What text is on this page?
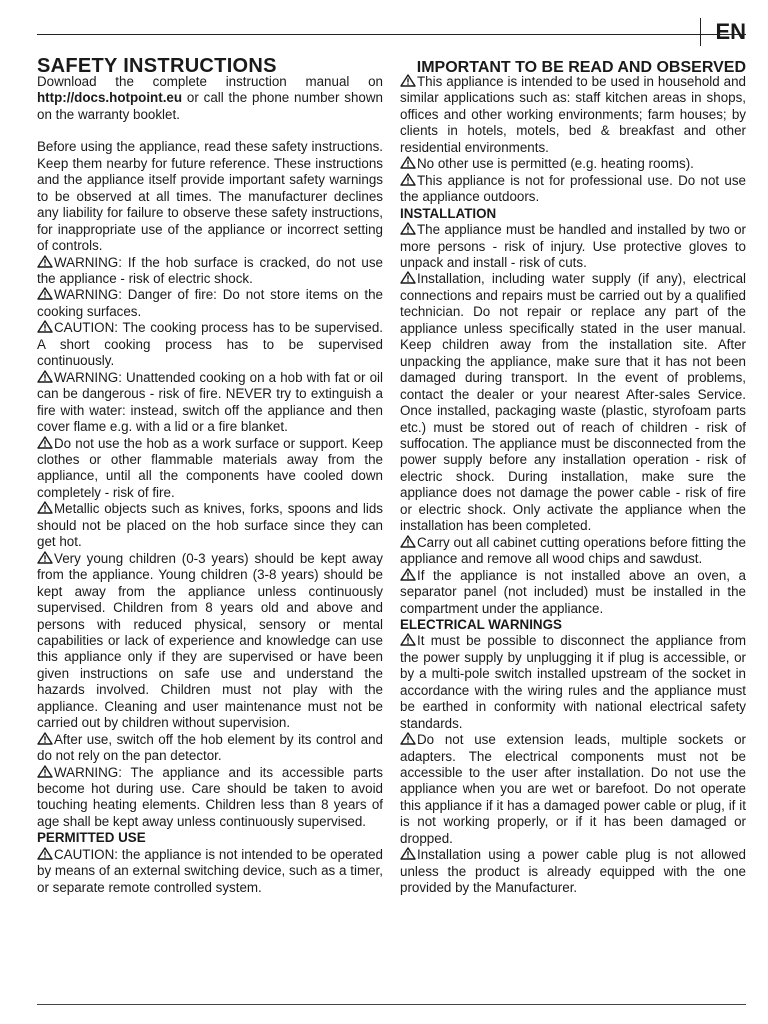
EN
SAFETY INSTRUCTIONS	IMPORTANT TO BE READ AND OBSERVED

Download the complete instruction manual on http://docs.hotpoint.eu or call the phone number shown on the warranty booklet.

Before using the appliance, read these safety instructions. Keep them nearby for future reference. These instructions and the appliance itself provide important safety warnings to be observed at all times. The manufacturer declines any liability for failure to observe these safety instructions, for inappropriate use of the appliance or incorrect setting of controls.

WARNING: If the hob surface is cracked, do not use the appliance - risk of electric shock.

WARNING: Danger of fire: Do not store items on the cooking surfaces.

CAUTION: The cooking process has to be supervised. A short cooking process has to be supervised continuously.

WARNING: Unattended cooking on a hob with fat or oil can be dangerous - risk of fire. NEVER try to extinguish a fire with water: instead, switch off the appliance and then cover flame e.g. with a lid or a fire blanket.

Do not use the hob as a work surface or support. Keep clothes or other flammable materials away from the appliance, until all the components have cooled down completely - risk of fire.

Metallic objects such as knives, forks, spoons and lids should not be placed on the hob surface since they can get hot.

Very young children (0-3 years) should be kept away from the appliance. Young children (3-8 years) should be kept away from the appliance unless continuously supervised. Children from 8 years old and above and persons with reduced physical, sensory or mental capabilities or lack of experience and knowledge can use this appliance only if they are supervised or have been given instructions on safe use and understand the hazards involved. Children must not play with the appliance. Cleaning and user maintenance must not be carried out by children without supervision.

After use, switch off the hob element by its control and do not rely on the pan detector.

WARNING: The appliance and its accessible parts become hot during use. Care should be taken to avoid touching heating elements. Children less than 8 years of age shall be kept away unless continuously supervised.

PERMITTED USE

CAUTION: the appliance is not intended to be operated by means of an external switching device, such as a timer, or separate remote controlled system.

This appliance is intended to be used in household and similar applications such as: staff kitchen areas in shops, offices and other working environments; farm houses; by clients in hotels, motels, bed & breakfast and other residential environments.

No other use is permitted (e.g. heating rooms).

This appliance is not for professional use. Do not use the appliance outdoors.

INSTALLATION

The appliance must be handled and installed by two or more persons - risk of injury. Use protective gloves to unpack and install - risk of cuts.

Installation, including water supply (if any), electrical connections and repairs must be carried out by a qualified technician. Do not repair or replace any part of the appliance unless specifically stated in the user manual. Keep children away from the installation site. After unpacking the appliance, make sure that it has not been damaged during transport. In the event of problems, contact the dealer or your nearest After-sales Service. Once installed, packaging waste (plastic, styrofoam parts etc.) must be stored out of reach of children - risk of suffocation. The appliance must be disconnected from the power supply before any installation operation - risk of electric shock. During installation, make sure the appliance does not damage the power cable - risk of fire or electric shock. Only activate the appliance when the installation has been completed.

Carry out all cabinet cutting operations before fitting the appliance and remove all wood chips and sawdust.

If the appliance is not installed above an oven, a separator panel (not included) must be installed in the compartment under the appliance.

ELECTRICAL WARNINGS

It must be possible to disconnect the appliance from the power supply by unplugging it if plug is accessible, or by a multi-pole switch installed upstream of the socket in accordance with the wiring rules and the appliance must be earthed in conformity with national electrical safety standards.

Do not use extension leads, multiple sockets or adapters. The electrical components must not be accessible to the user after installation. Do not use the appliance when you are wet or barefoot. Do not operate this appliance if it has a damaged power cable or plug, if it is not working properly, or if it has been damaged or dropped.

Installation using a power cable plug is not allowed unless the product is already equipped with the one provided by the Manufacturer.
